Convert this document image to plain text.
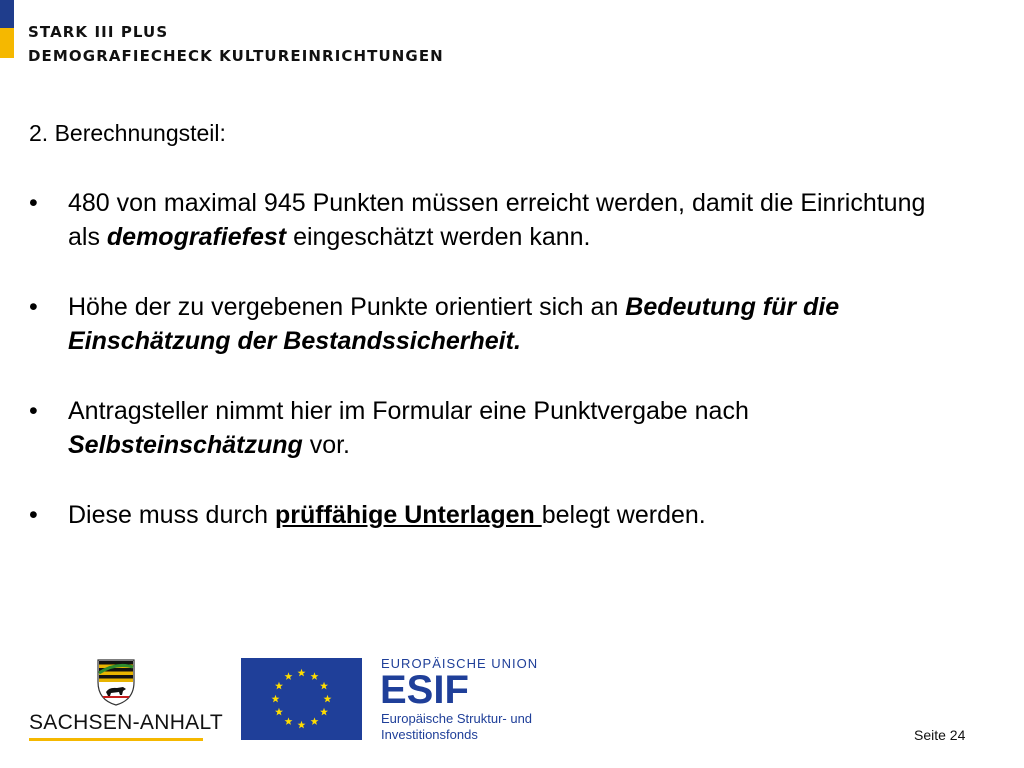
STARK III PLUS
DEMOGRAFIECHECK KULTUREINRICHTUNGEN
2. Berechnungsteil:
• 480 von maximal 945 Punkten müssen erreicht werden, damit die Einrichtung als demografiefest eingeschätzt werden kann.
• Höhe der zu vergebenen Punkte orientiert sich an Bedeutung für die Einschätzung der Bestandssicherheit.
• Antragsteller nimmt hier im Formular eine Punktvergabe nach Selbsteinschätzung vor.
• Diese muss durch prüffähige Unterlagen belegt werden.
SACHSEN-ANHALT
EUROPÄISCHE UNION
ESIF
Europäische Struktur- und
Investitionsfonds	Seite 24
